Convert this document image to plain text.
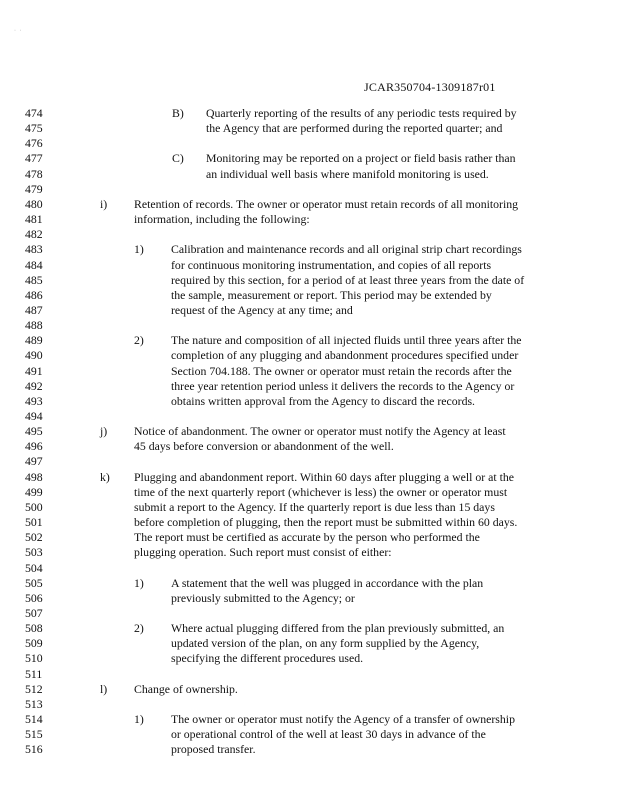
· ·
JCAR350704-1309187r01
474	B) Quarterly reporting of the results of any periodic tests required by
475	the Agency that are performed during the reported quarter; and
476
477	C) Monitoring may be reported on a project or field basis rather than
478	an individual well basis where manifold monitoring is used.
479
480	i) Retention of records. The owner or operator must retain records of all monitoring
481	information, including the following:
482
483	1) Calibration and maintenance records and all original strip chart recordings
484	for continuous monitoring instrumentation, and copies of all reports
485	required by this section, for a period of at least three years from the date of
486	the sample, measurement or report. This period may be extended by
487	request of the Agency at any time; and
488
489	2) The nature and composition of all injected fluids until three years after the
490	completion of any plugging and abandonment procedures specified under
491	Section 704.188. The owner or operator must retain the records after the
492	three year retention period unless it delivers the records to the Agency or
493	obtains written approval from the Agency to discard the records.
494
495	j) Notice of abandonment. The owner or operator must notify the Agency at least
496	45 days before conversion or abandonment of the well.
497
498	k) Plugging and abandonment report. Within 60 days after plugging a well or at the
499	time of the next quarterly report (whichever is less) the owner or operator must
500	submit a report to the Agency. If the quarterly report is due less than 15 days
501	before completion of plugging, then the report must be submitted within 60 days.
502	The report must be certified as accurate by the person who performed the
503	plugging operation. Such report must consist of either:
504
505	1) A statement that the well was plugged in accordance with the plan
506	previously submitted to the Agency; or
507
508	2) Where actual plugging differed from the plan previously submitted, an
509	updated version of the plan, on any form supplied by the Agency,
510	specifying the different procedures used.
511
512	l) Change of ownership.
513
514	1) The owner or operator must notify the Agency of a transfer of ownership
515	or operational control of the well at least 30 days in advance of the
516	proposed transfer.
